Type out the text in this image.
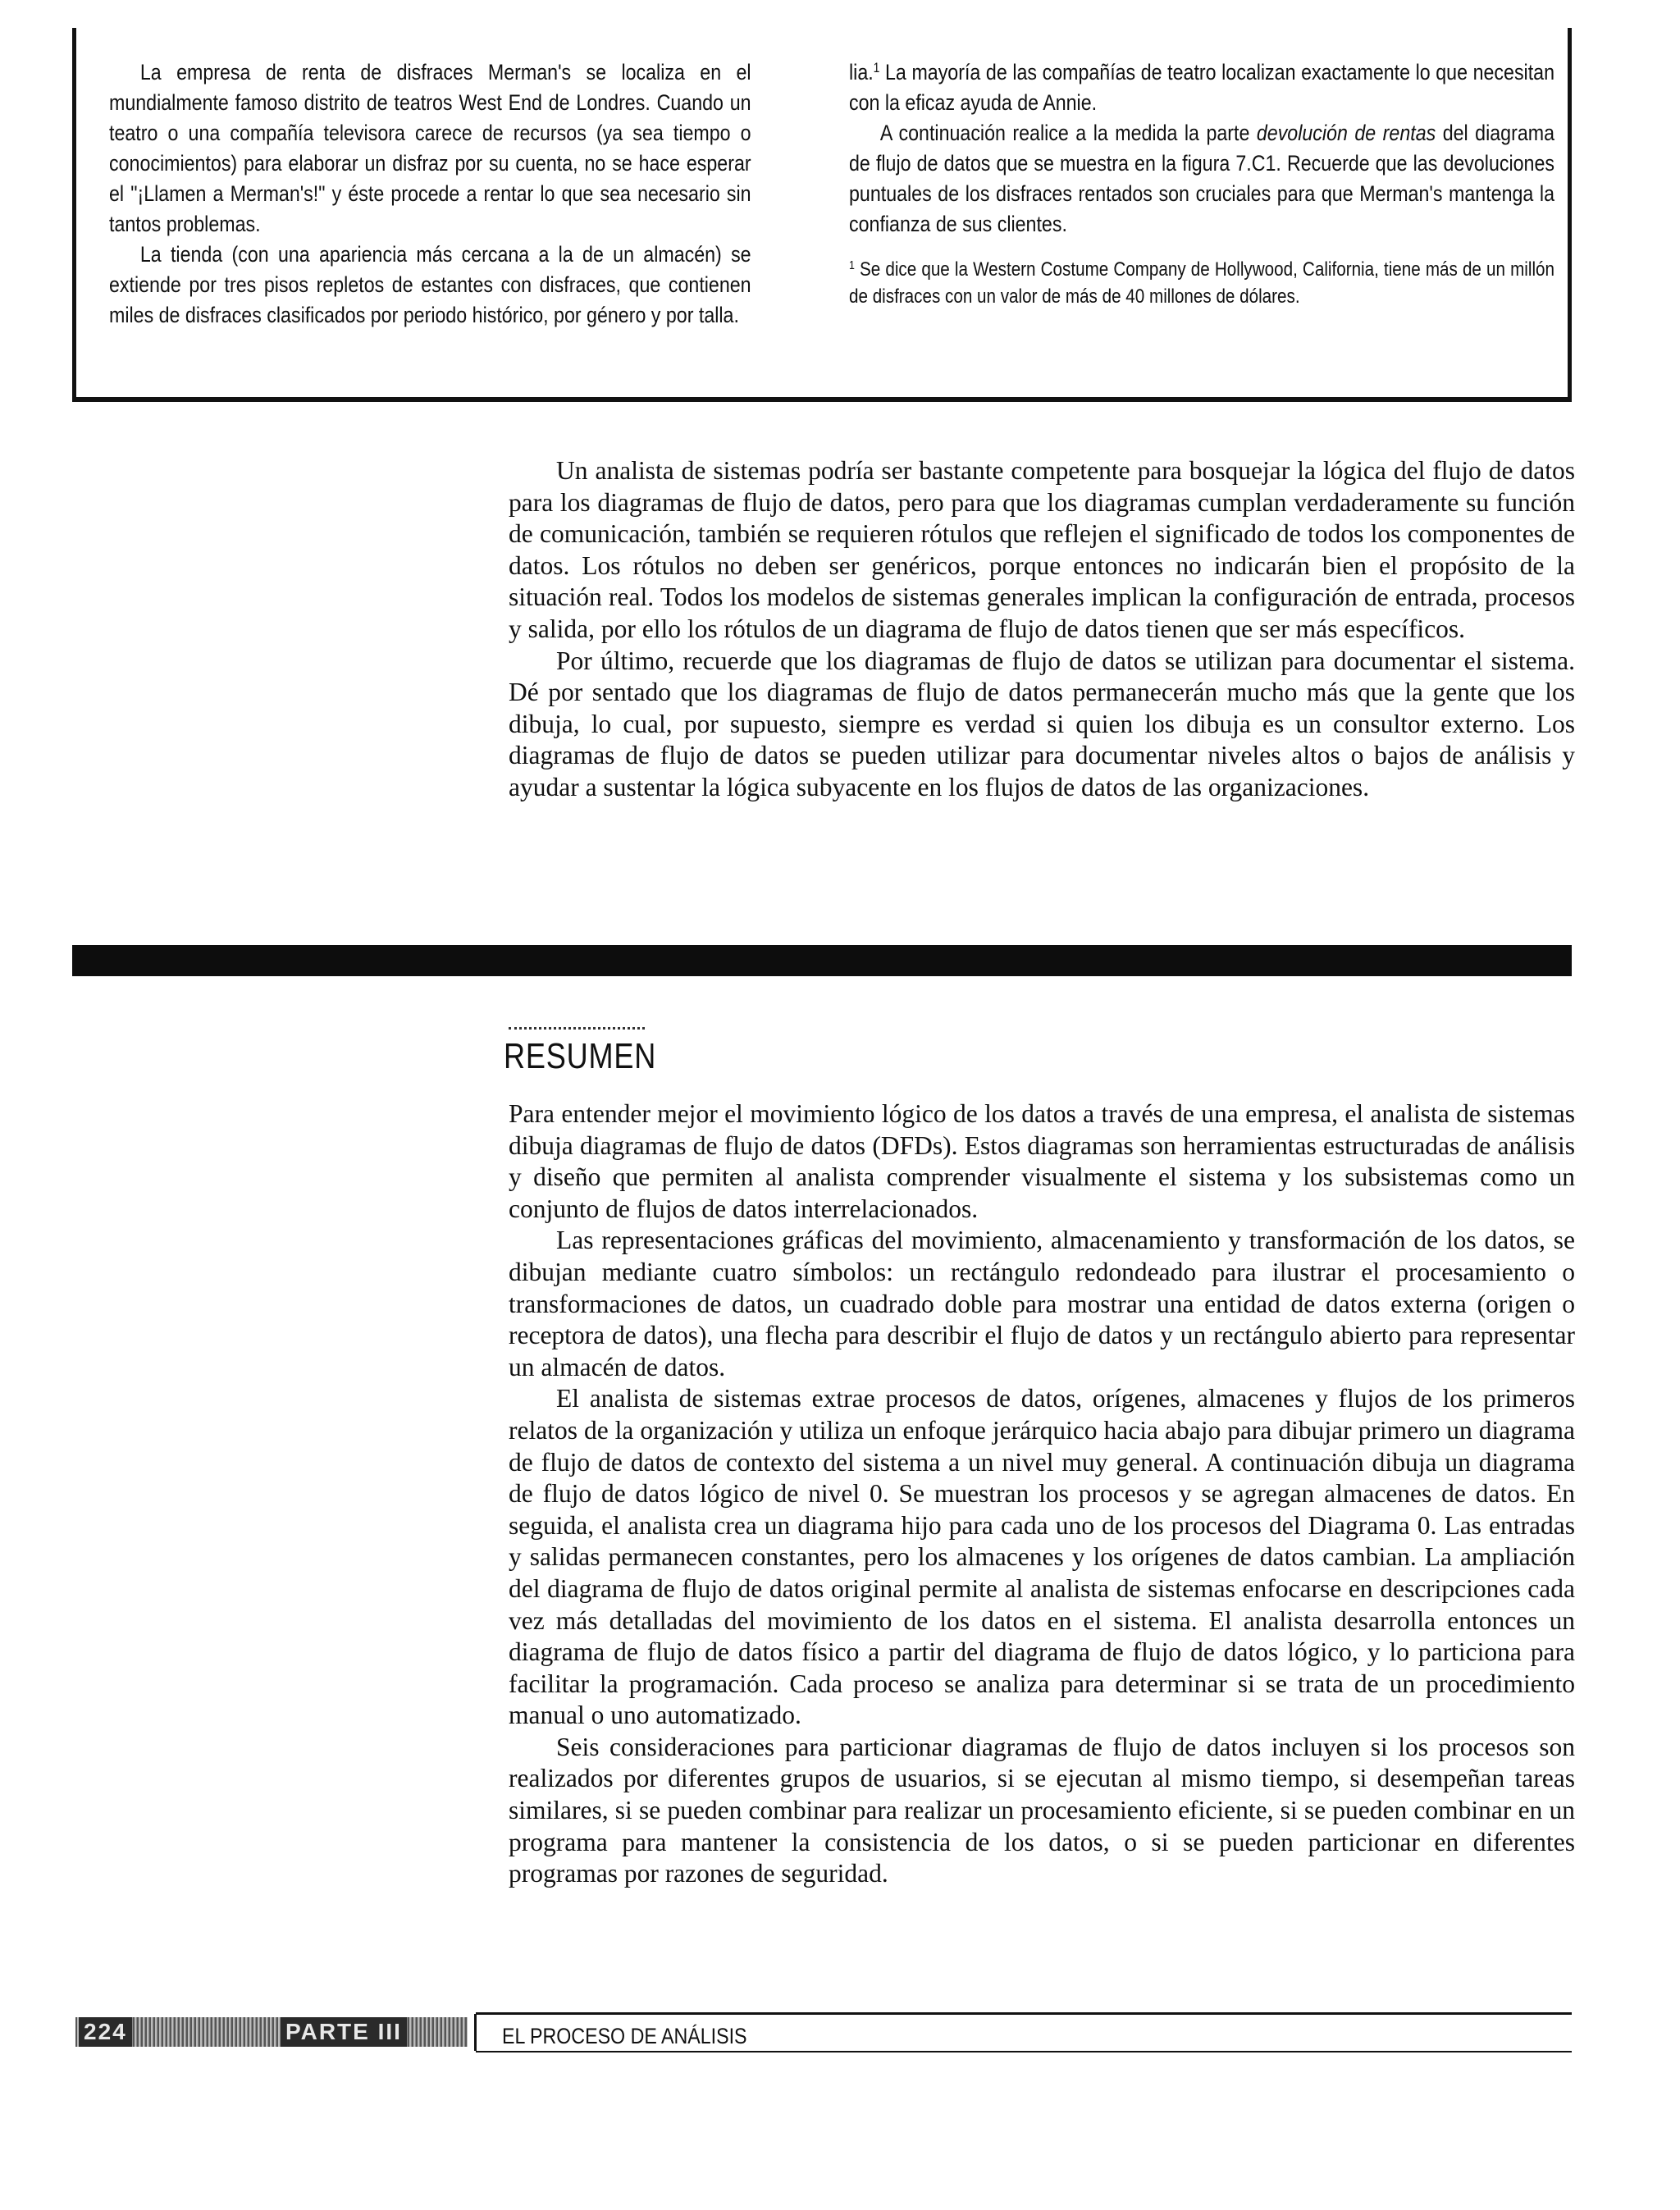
La empresa de renta de disfraces Merman's se localiza en el mundialmente famoso distrito de teatros West End de Londres. Cuando un teatro o una compañía televisora carece de recursos (ya sea tiempo o conocimientos) para elaborar un disfraz por su cuenta, no se hace esperar el "¡Llamen a Merman's!" y éste procede a rentar lo que sea necesario sin tantos problemas.

La tienda (con una apariencia más cercana a la de un almacén) se extiende por tres pisos repletos de estantes con disfraces, que contienen miles de disfraces clasificados por periodo histórico, por género y por talla.

lia.$^1$ La mayoría de las compañías de teatro localizan exactamente lo que necesitan con la eficaz ayuda de Annie.

A continuación realice a la medida la parte devolución de rentas del diagrama de flujo de datos que se muestra en la figura 7.C1. Recuerde que las devoluciones puntuales de los disfraces rentados son cruciales para que Merman's mantenga la confianza de sus clientes.

$^1$ Se dice que la Western Costume Company de Hollywood, California, tiene más de un millón de disfraces con un valor de más de 40 millones de dólares.

Un analista de sistemas podría ser bastante competente para bosquejar la lógica del flujo de datos para los diagramas de flujo de datos, pero para que los diagramas cumplan verdaderamente su función de comunicación, también se requieren rótulos que reflejen el significado de todos los componentes de datos. Los rótulos no deben ser genéricos, porque entonces no indicarán bien el propósito de la situación real. Todos los modelos de sistemas generales implican la configuración de entrada, procesos y salida, por ello los rótulos de un diagrama de flujo de datos tienen que ser más específicos.

Por último, recuerde que los diagramas de flujo de datos se utilizan para documentar el sistema. Dé por sentado que los diagramas de flujo de datos permanecerán mucho más que la gente que los dibuja, lo cual, por supuesto, siempre es verdad si quien los dibuja es un consultor externo. Los diagramas de flujo de datos se pueden utilizar para documentar niveles altos o bajos de análisis y ayudar a sustentar la lógica subyacente en los flujos de datos de las organizaciones.

RESUMEN

Para entender mejor el movimiento lógico de los datos a través de una empresa, el analista de sistemas dibuja diagramas de flujo de datos (DFDs). Estos diagramas son herramientas estructuradas de análisis y diseño que permiten al analista comprender visualmente el sistema y los subsistemas como un conjunto de flujos de datos interrelacionados.

Las representaciones gráficas del movimiento, almacenamiento y transformación de los datos, se dibujan mediante cuatro símbolos: un rectángulo redondeado para ilustrar el procesamiento o transformaciones de datos, un cuadrado doble para mostrar una entidad de datos externa (origen o receptora de datos), una flecha para describir el flujo de datos y un rectángulo abierto para representar un almacén de datos.

El analista de sistemas extrae procesos de datos, orígenes, almacenes y flujos de los primeros relatos de la organización y utiliza un enfoque jerárquico hacia abajo para dibujar primero un diagrama de flujo de datos de contexto del sistema a un nivel muy general. A continuación dibuja un diagrama de flujo de datos lógico de nivel 0. Se muestran los procesos y se agregan almacenes de datos. En seguida, el analista crea un diagrama hijo para cada uno de los procesos del Diagrama 0. Las entradas y salidas permanecen constantes, pero los almacenes y los orígenes de datos cambian. La ampliación del diagrama de flujo de datos original permite al analista de sistemas enfocarse en descripciones cada vez más detalladas del movimiento de los datos en el sistema. El analista desarrolla entonces un diagrama de flujo de datos físico a partir del diagrama de flujo de datos lógico, y lo particiona para facilitar la programación. Cada proceso se analiza para determinar si se trata de un procedimiento manual o uno automatizado.

Seis consideraciones para particionar diagramas de flujo de datos incluyen si los procesos son realizados por diferentes grupos de usuarios, si se ejecutan al mismo tiempo, si desempeñan tareas similares, si se pueden combinar para realizar un procesamiento eficiente, si se pueden combinar en un programa para mantener la consistencia de los datos, o si se pueden particionar en diferentes programas por razones de seguridad.

224	PARTE III	EL PROCESO DE ANÁLISIS
